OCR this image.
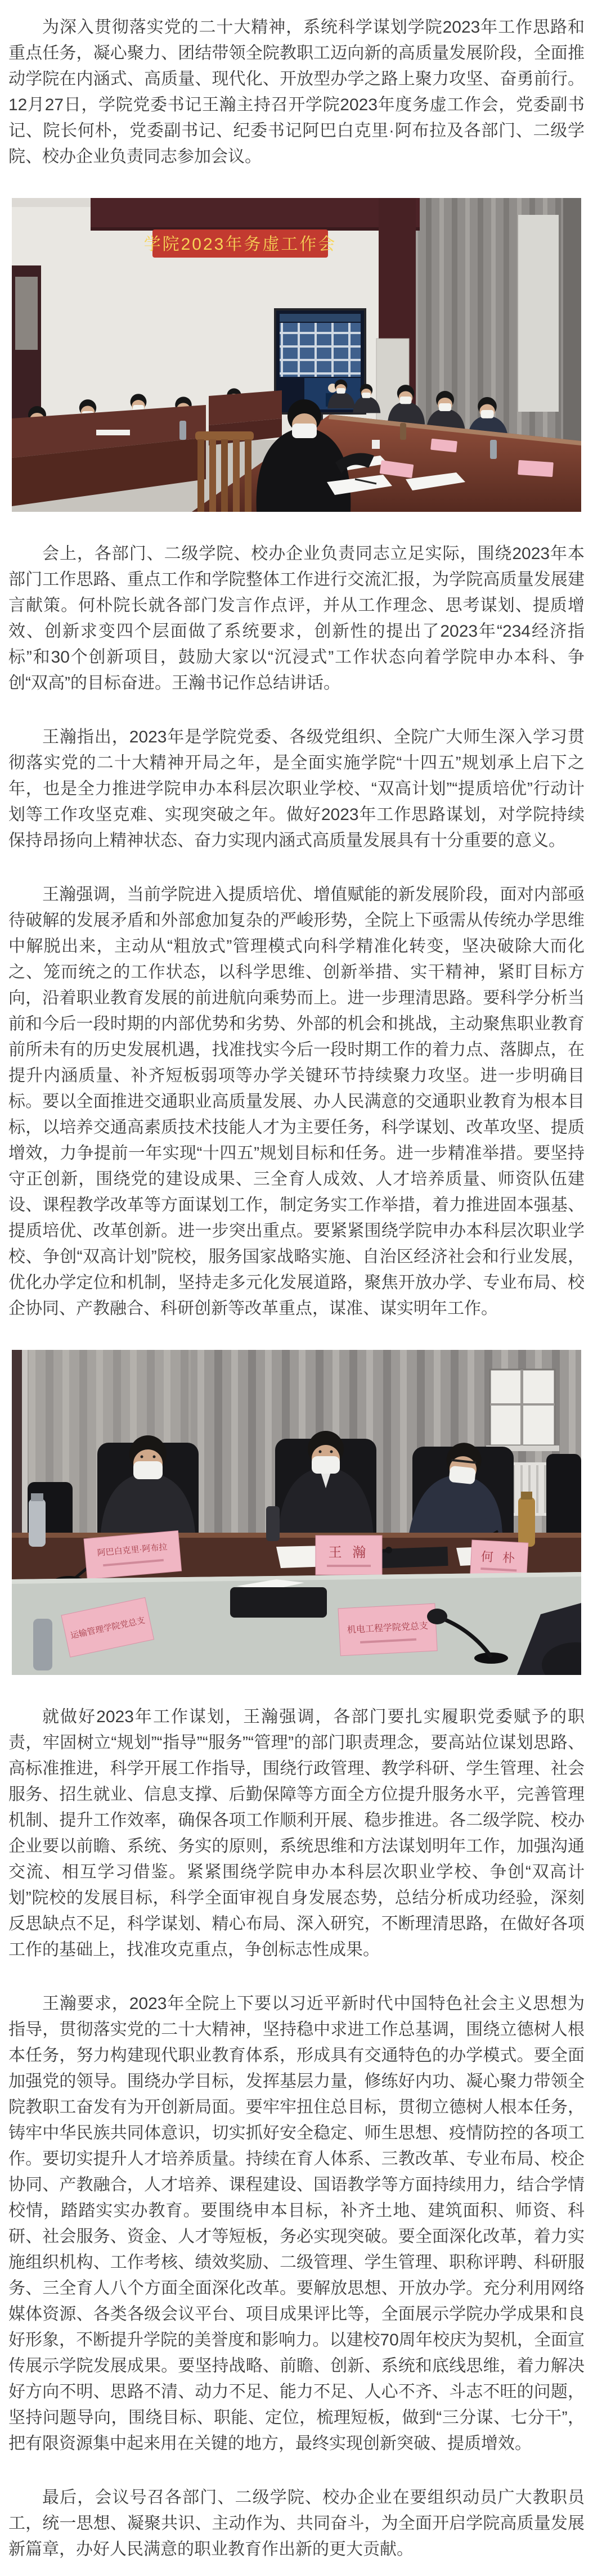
为深入贯彻落实党的二十大精神，系统科学谋划学院2023年工作思路和重点任务，凝心聚力、团结带领全院教职工迈向新的高质量发展阶段，全面推动学院在内涵式、高质量、现代化、开放型办学之路上聚力攻坚、奋勇前行。12月27日，学院党委书记王瀚主持召开学院2023年度务虚工作会，党委副书记、院长何朴，党委副书记、纪委书记阿巴白克里·阿布拉及各部门、二级学院、校办企业负责同志参加会议。

学院2023年务虚工作会

会上，各部门、二级学院、校办企业负责同志立足实际，围绕2023年本部门工作思路、重点工作和学院整体工作进行交流汇报，为学院高质量发展建言献策。何朴院长就各部门发言作点评，并从工作理念、思考谋划、提质增效、创新求变四个层面做了系统要求，创新性的提出了2023年“234经济指标”和30个创新项目，鼓励大家以“沉浸式”工作状态向着学院申办本科、争创“双高”的目标奋进。王瀚书记作总结讲话。

王瀚指出，2023年是学院党委、各级党组织、全院广大师生深入学习贯彻落实党的二十大精神开局之年，是全面实施学院“十四五”规划承上启下之年，也是全力推进学院申办本科层次职业学校、“双高计划”“提质培优”行动计划等工作攻坚克难、实现突破之年。做好2023年工作思路谋划，对学院持续保持昂扬向上精神状态、奋力实现内涵式高质量发展具有十分重要的意义。

王瀚强调，当前学院进入提质培优、增值赋能的新发展阶段，面对内部亟待破解的发展矛盾和外部愈加复杂的严峻形势，全院上下亟需从传统办学思维中解脱出来，主动从“粗放式”管理模式向科学精准化转变，坚决破除大而化之、笼而统之的工作状态，以科学思维、创新举措、实干精神，紧盯目标方向，沿着职业教育发展的前进航向乘势而上。进一步理清思路。要科学分析当前和今后一段时期的内部优势和劣势、外部的机会和挑战，主动聚焦职业教育前所未有的历史发展机遇，找准找实今后一段时期工作的着力点、落脚点，在提升内涵质量、补齐短板弱项等办学关键环节持续聚力攻坚。进一步明确目标。要以全面推进交通职业高质量发展、办人民满意的交通职业教育为根本目标，以培养交通高素质技术技能人才为主要任务，科学谋划、改革攻坚、提质增效，力争提前一年实现“十四五”规划目标和任务。进一步精准举措。要坚持守正创新，围绕党的建设成果、三全育人成效、人才培养质量、师资队伍建设、课程教学改革等方面谋划工作，制定务实工作举措，着力推进固本强基、提质培优、改革创新。进一步突出重点。要紧紧围绕学院申办本科层次职业学校、争创“双高计划”院校，服务国家战略实施、自治区经济社会和行业发展，优化办学定位和机制，坚持走多元化发展道路，聚焦开放办学、专业布局、校企协同、产教融合、科研创新等改革重点，谋准、谋实明年工作。

阿巴白克里·阿布拉	王 瀚	何 朴
运输管理学院党总支	机电工程学院党总支

就做好2023年工作谋划，王瀚强调，各部门要扎实履职党委赋予的职责，牢固树立“规划”“指导”“服务”“管理”的部门职责理念，要高站位谋划思路、高标准推进，科学开展工作指导，围绕行政管理、教学科研、学生管理、社会服务、招生就业、信息支撑、后勤保障等方面全方位提升服务水平，完善管理机制、提升工作效率，确保各项工作顺利开展、稳步推进。各二级学院、校办企业要以前瞻、系统、务实的原则，系统思维和方法谋划明年工作，加强沟通交流、相互学习借鉴。紧紧围绕学院申办本科层次职业学校、争创“双高计划”院校的发展目标，科学全面审视自身发展态势，总结分析成功经验，深刻反思缺点不足，科学谋划、精心布局、深入研究，不断理清思路，在做好各项工作的基础上，找准攻克重点，争创标志性成果。

王瀚要求，2023年全院上下要以习近平新时代中国特色社会主义思想为指导，贯彻落实党的二十大精神，坚持稳中求进工作总基调，围绕立德树人根本任务，努力构建现代职业教育体系，形成具有交通特色的办学模式。要全面加强党的领导。围绕办学目标，发挥基层力量，修练好内功、凝心聚力带领全院教职工奋发有为开创新局面。要牢牢扭住总目标，贯彻立德树人根本任务，铸牢中华民族共同体意识，切实抓好安全稳定、师生思想、疫情防控的各项工作。要切实提升人才培养质量。持续在育人体系、三教改革、专业布局、校企协同、产教融合，人才培养、课程建设、国语教学等方面持续用力，结合学情校情，踏踏实实办教育。要围绕申本目标，补齐土地、建筑面积、师资、科研、社会服务、资金、人才等短板，务必实现突破。要全面深化改革，着力实施组织机构、工作考核、绩效奖励、二级管理、学生管理、职称评聘、科研服务、三全育人八个方面全面深化改革。要解放思想、开放办学。充分利用网络媒体资源、各类各级会议平台、项目成果评比等，全面展示学院办学成果和良好形象，不断提升学院的美誉度和影响力。以建校70周年校庆为契机，全面宣传展示学院发展成果。要坚持战略、前瞻、创新、系统和底线思维，着力解决好方向不明、思路不清、动力不足、能力不足、人心不齐、斗志不旺的问题，坚持问题导向，围绕目标、职能、定位，梳理短板，做到“三分谋、七分干”，把有限资源集中起来用在关键的地方，最终实现创新突破、提质增效。

最后，会议号召各部门、二级学院、校办企业在要组织动员广大教职员工，统一思想、凝聚共识、主动作为、共同奋斗，为全面开启学院高质量发展新篇章，办好人民满意的职业教育作出新的更大贡献。
